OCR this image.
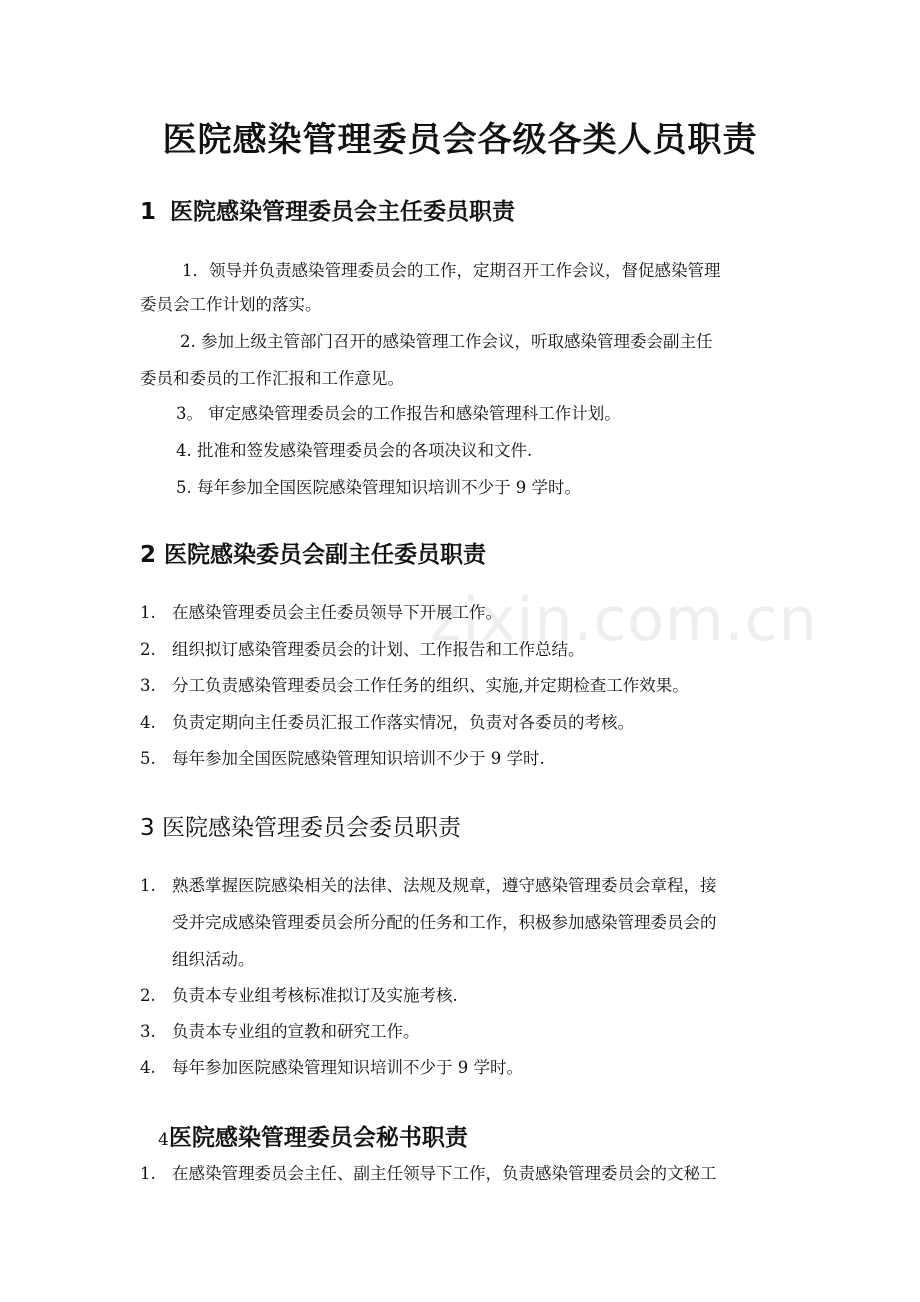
zixin.com.cn
医院感染管理委员会各级各类人员职责
1 医院感染管理委员会主任委员职责
1．领导并负责感染管理委员会的工作，定期召开工作会议，督促感染管理
委员会工作计划的落实。
2. 参加上级主管部门召开的感染管理工作会议，听取感染管理委会副主任
委员和委员的工作汇报和工作意见。
3。 审定感染管理委员会的工作报告和感染管理科工作计划。
4. 批准和签发感染管理委员会的各项决议和文件.
5. 每年参加全国医院感染管理知识培训不少于 9 学时。
2 医院感染委员会副主任委员职责
1. 在感染管理委员会主任委员领导下开展工作。
2. 组织拟订感染管理委员会的计划、工作报告和工作总结。
3. 分工负责感染管理委员会工作任务的组织、实施,并定期检查工作效果。
4. 负责定期向主任委员汇报工作落实情况，负责对各委员的考核。
5. 每年参加全国医院感染管理知识培训不少于 9 学时.
3 医院感染管理委员会委员职责
1. 熟悉掌握医院感染相关的法律、法规及规章，遵守感染管理委员会章程，接
受并完成感染管理委员会所分配的任务和工作，积极参加感染管理委员会的
组织活动。
2. 负责本专业组考核标准拟订及实施考核.
3. 负责本专业组的宣教和研究工作。
4. 每年参加医院感染管理知识培训不少于 9 学时。
4医院感染管理委员会秘书职责
1. 在感染管理委员会主任、副主任领导下工作，负责感染管理委员会的文秘工
